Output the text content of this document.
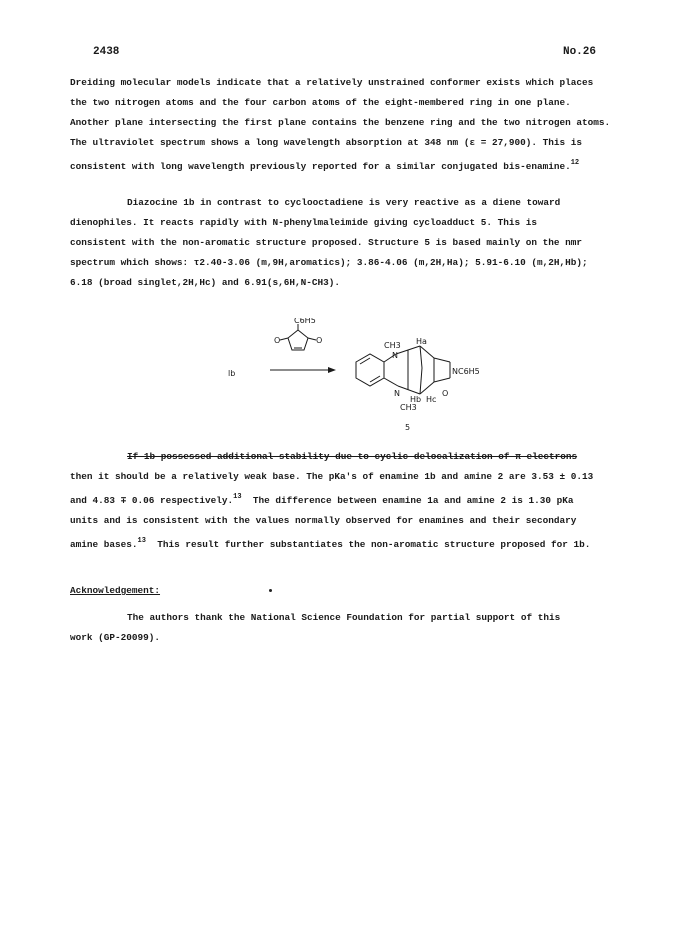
2438	No.26
Dreiding molecular models indicate that a relatively unstrained conformer exists which places
the two nitrogen atoms and the four carbon atoms of the eight-membered ring in one plane.
Another plane intersecting the first plane contains the benzene ring and the two nitrogen atoms.
The ultraviolet spectrum shows a long wavelength absorption at 348 nm (ε = 27,900). This is
consistent with long wavelength previously reported for a similar conjugated bis-enamine.$^{12}$
Diazocine 1b in contrast to cyclooctadiene is very reactive as a diene toward
dienophiles. It reacts rapidly with N-phenylmaleimide giving cycloadduct 5. This is
consistent with the non-aromatic structure proposed. Structure 5 is based mainly on the nmr
spectrum which shows: τ2.40-3.06 (m,9H,aromatics); 3.86-4.06 (m,2H,Ha); 5.91-6.10 (m,2H,Hb);
6.18 (broad singlet,2H,Hc) and 6.91(s,6H,N-CH3).
lb
C6H5
O	O
CH3
N
Ha
NC6H5
Hb Hc
O
N
CH3
5
If 1b possessed additional stability due to cyclic delocalization of π electrons
then it should be a relatively weak base. The pKa's of enamine 1b and amine 2 are 3.53 ± 0.13
and 4.83 ∓ 0.06 respectively.$^{13}$ The difference between enamine 1a and amine 2 is 1.30 pKa
units and is consistent with the values normally observed for enamines and their secondary
amine bases.$^{13}$ This result further substantiates the non-aromatic structure proposed for 1b.
Acknowledgement:
The authors thank the National Science Foundation for partial support of this
work (GP-20099).
